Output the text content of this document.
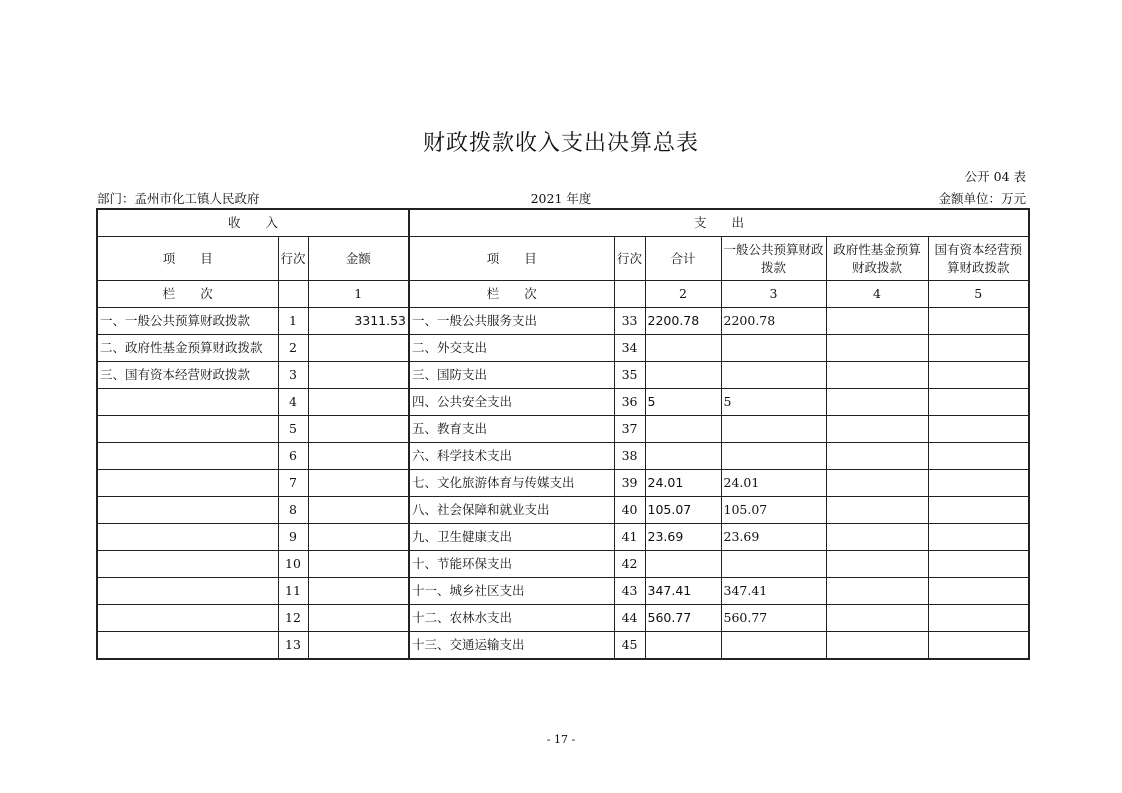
财政拨款收入支出决算总表
公开 04 表
部门：孟州市化工镇人民政府	2021 年度	金额单位：万元
收　　入			支　　出					
项　　目	行次	金额	项　　目	行次	合计	一般公共预算财政拨款	政府性基金预算财政拨款	国有资本经营预算财政拨款
栏　　次		1	栏　　次		2	3	4	5
一、一般公共预算财政拨款	1	3311.53	一、一般公共服务支出	33	2200.78	2200.78		
二、政府性基金预算财政拨款	2		二、外交支出	34				
三、国有资本经营财政拨款	3		三、国防支出	35				
	4		四、公共安全支出	36	5	5		
	5		五、教育支出	37				
	6		六、科学技术支出	38				
	7		七、文化旅游体育与传媒支出	39	24.01	24.01		
	8		八、社会保障和就业支出	40	105.07	105.07		
	9		九、卫生健康支出	41	23.69	23.69		
	10		十、节能环保支出	42				
	11		十一、城乡社区支出	43	347.41	347.41		
	12		十二、农林水支出	44	560.77	560.77		
	13		十三、交通运输支出	45				
- 17 -
